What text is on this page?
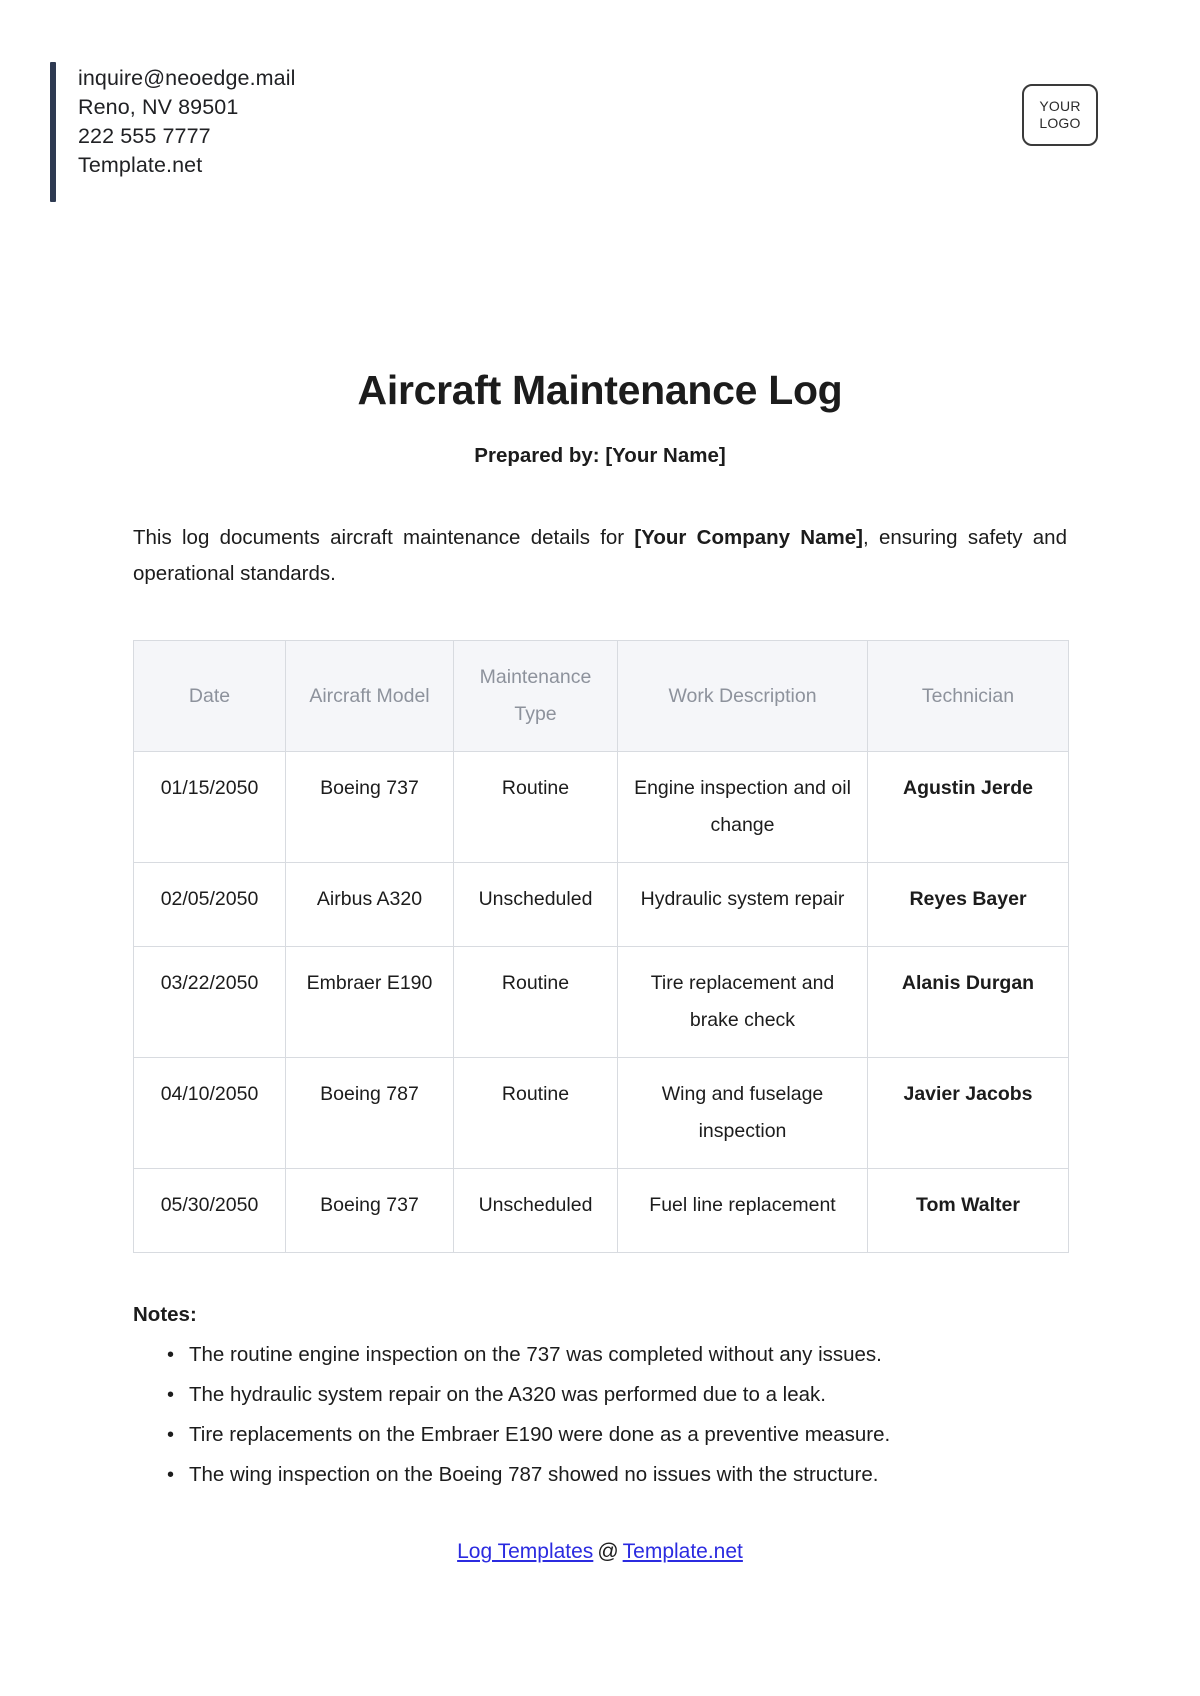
inquire@neoedge.mail
Reno, NV 89501
222 555 7777
Template.net
YOUR
LOGO
Aircraft Maintenance Log

Prepared by: [Your Name]

This log documents aircraft maintenance details for [Your Company Name], ensuring safety and operational standards.

Date	Aircraft Model	Maintenance Type	Work Description	Technician
01/15/2050	Boeing 737	Routine	Engine inspection and oil change	Agustin Jerde
02/05/2050	Airbus A320	Unscheduled	Hydraulic system repair	Reyes Bayer
03/22/2050	Embraer E190	Routine	Tire replacement and brake check	Alanis Durgan
04/10/2050	Boeing 787	Routine	Wing and fuselage inspection	Javier Jacobs
05/30/2050	Boeing 737	Unscheduled	Fuel line replacement	Tom Walter

Notes:

• The routine engine inspection on the 737 was completed without any issues.
• The hydraulic system repair on the A320 was performed due to a leak.
• Tire replacements on the Embraer E190 were done as a preventive measure.
• The wing inspection on the Boeing 787 showed no issues with the structure.
Log Templates @ Template.net
